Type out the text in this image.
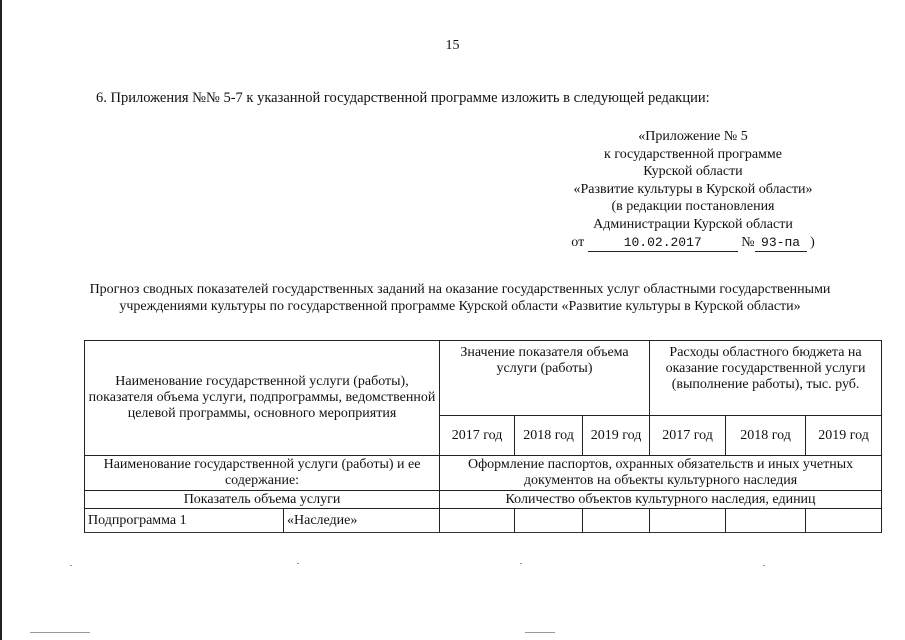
15
6. Приложения №№ 5-7 к указанной государственной программе изложить в следующей редакции:
«Приложение № 5
к государственной программе
Курской области
«Развитие культуры в Курской области»
(в редакции постановления
Администрации Курской области
от	10.02.2017	№ 93-па )
Прогноз сводных показателей государственных заданий на оказание государственных услуг областными государственными учреждениями культуры по государственной программе Курской области «Развитие культуры в Курской области»
Наименование государственной услуги (работы), показателя объема услуги, подпрограммы, ведомственной целевой программы, основного мероприятия		Значение показателя объема услуги (работы)			Расходы областного бюджета на оказание государственной услуги (выполнение работы), тыс. руб.		
		2017 год	2018 год	2019 год	2017 год	2018 год	2019 год
Наименование государственной услуги (работы) и ее содержание:		Оформление паспортов, охранных обязательств и иных учетных документов на объекты культурного наследия					
Показатель объема услуги		Количество объектов культурного наследия, единиц					
Подпрограмма 1	«Наследие»						
